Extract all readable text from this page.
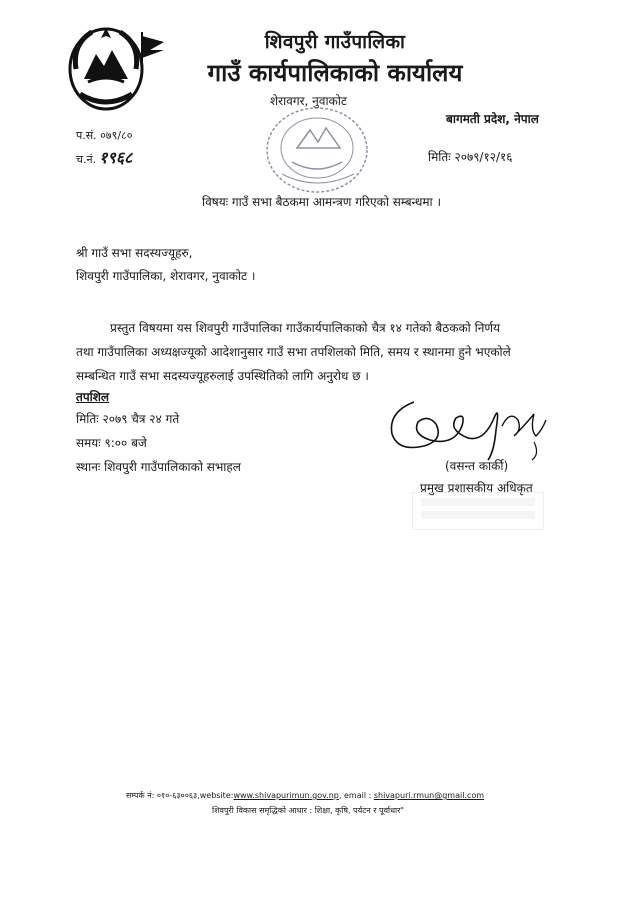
शिवपुरी गाउँपालिका
गाउँ कार्यपालिकाको कार्यालय
शेरावगर, नुवाकोट
बागमती प्रदेश, नेपाल
प.सं. ०७९/८०
च.नं. १९६८	मितिः २०७९/१२/१६
विषयः गाउँ सभा बैठकमा आमन्त्रण गरिएको सम्बन्धमा ।
श्री गाउँ सभा सदस्यज्यूहरु,
शिवपुरी गाउँपालिका, शेरावगर, नुवाकोट ।
प्रस्तुत विषयमा यस शिवपुरी गाउँपालिका गाउँकार्यपालिकाको चैत्र १४ गतेको बैठकको निर्णय
तथा गाउँपालिका अध्यक्षज्यूको आदेशानुसार गाउँ सभा तपशिलको मिति, समय र स्थानमा हुने भएकोले
सम्बन्धित गाउँ सभा सदस्यज्यूहरुलाई उपस्थितिको लागि अनुरोध छ ।
तपशिल
मितिः २०७९ चैत्र २४ गते
समयः ९:०० बजे
स्थानः शिवपुरी गाउँपालिकाको सभाहल	(वसन्त कार्की)
प्रमुख प्रशासकीय अधिकृत
सम्पर्क नं: ०१०-६३००६३,website:www.shivapurimun.gov.np, email : shivapuri.rmun@gmail.com
शिवपुरी विकास समृद्धिको आधार : शिक्षा, कृषि, पर्यटन र पूर्वाधार"
